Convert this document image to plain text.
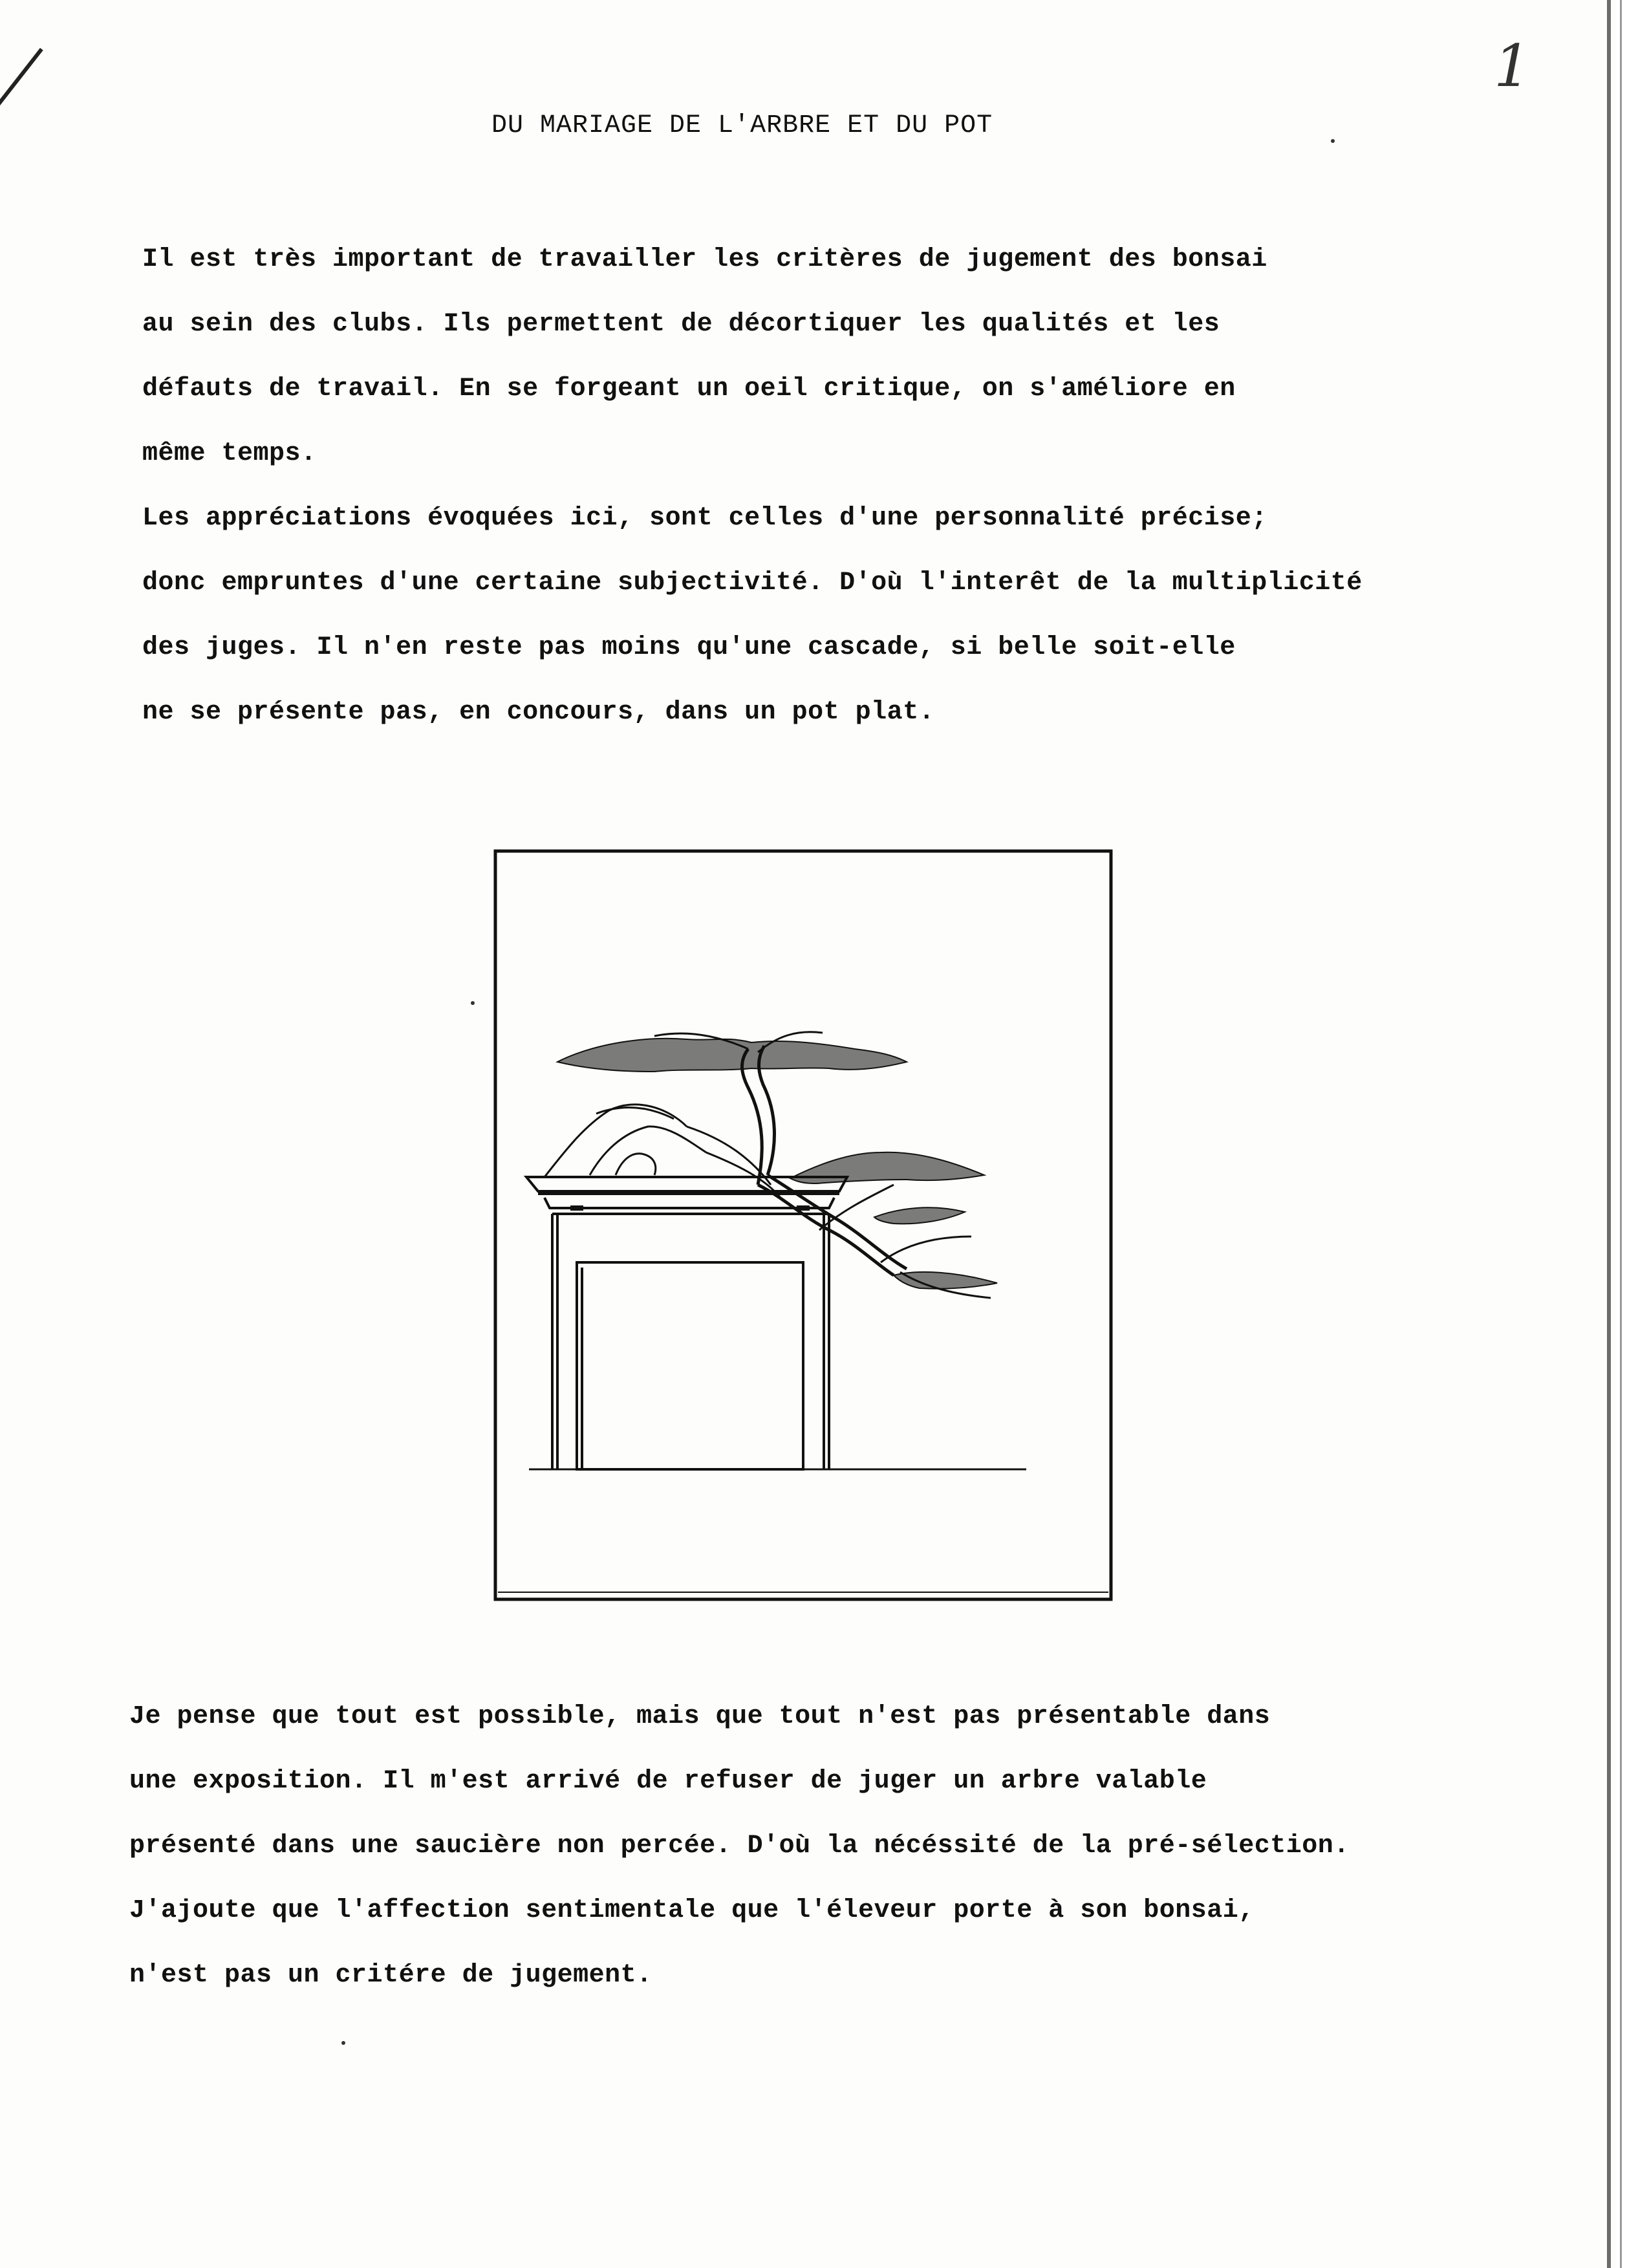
1
DU MARIAGE DE L'ARBRE ET DU POT
Il est très important de travailler les critères de jugement des bonsai
au sein des clubs. Ils permettent de décortiquer les qualités et les
défauts de travail. En se forgeant un oeil critique, on s'améliore en
même temps.
Les appréciations évoquées ici, sont celles d'une personnalité précise;
donc empruntes d'une certaine subjectivité. D'où l'interêt de la multiplicité
des juges. Il n'en reste pas moins qu'une cascade, si belle soit-elle
ne se présente pas, en concours, dans un pot plat.
Je pense que tout est possible, mais que tout n'est pas présentable dans
une exposition. Il m'est arrivé de refuser de juger un arbre valable
présenté dans une saucière non percée. D'où la nécéssité de la pré-sélection.
J'ajoute que l'affection sentimentale que l'éleveur porte à son bonsai,
n'est pas un critére de jugement.
